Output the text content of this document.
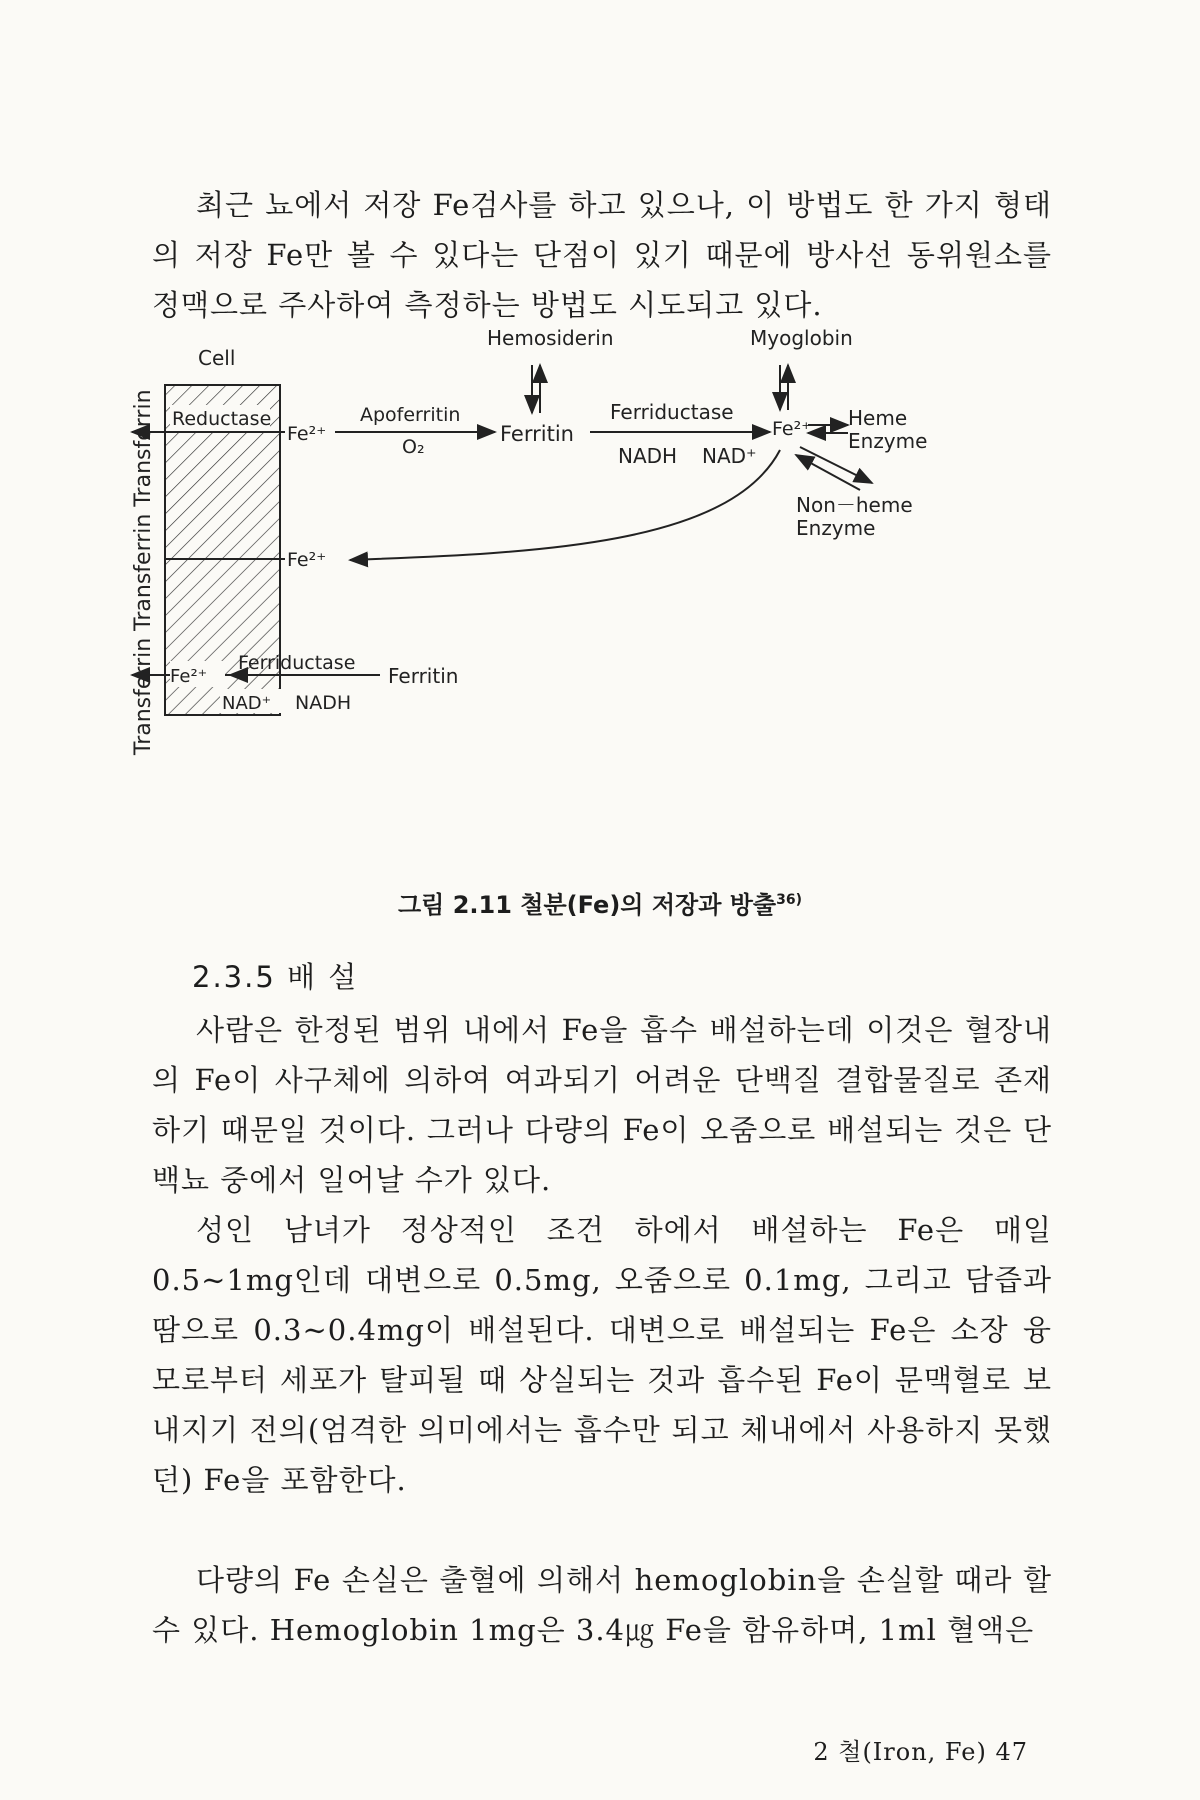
최근 뇨에서 저장 Fe검사를 하고 있으나, 이 방법도 한 가지 형태의 저장 Fe만 볼 수 있다는 단점이 있기 때문에 방사선 동위원소를 정맥으로 주사하여 측정하는 방법도 시도되고 있다.

Transferrin Transferrin Transferrin
Cell
Reductase
Fe²⁺
Apoferritin
O₂
Ferritin
Hemosiderin
Ferriductase
NADH NAD⁺
Myoglobin
Fe²⁺ Heme
Enzyme
Non－heme
Enzyme
Fe²⁺
Fe²⁺
Ferriductase
Ferritin
NAD⁺ NADH
그림 2.11 철분(Fe)의 저장과 방출$^{36)}$
2.3.5 배 설

사람은 한정된 범위 내에서 Fe을 흡수 배설하는데 이것은 혈장내의 Fe이 사구체에 의하여 여과되기 어려운 단백질 결합물질로 존재하기 때문일 것이다. 그러나 다량의 Fe이 오줌으로 배설되는 것은 단백뇨 중에서 일어날 수가 있다.

성인 남녀가 정상적인 조건 하에서 배설하는 Fe은 매일 0.5∼1mg인데 대변으로 0.5mg, 오줌으로 0.1mg, 그리고 담즙과 땀으로 0.3∼0.4mg이 배설된다. 대변으로 배설되는 Fe은 소장 융모로부터 세포가 탈피될 때 상실되는 것과 흡수된 Fe이 문맥혈로 보내지기 전의(엄격한 의미에서는 흡수만 되고 체내에서 사용하지 못했던) Fe을 포함한다.

다량의 Fe 손실은 출혈에 의해서 hemoglobin을 손실할 때라 할 수 있다. Hemoglobin 1mg은 3.4㎍ Fe을 함유하며, 1ml 혈액은

2 철(Iron, Fe) 47
